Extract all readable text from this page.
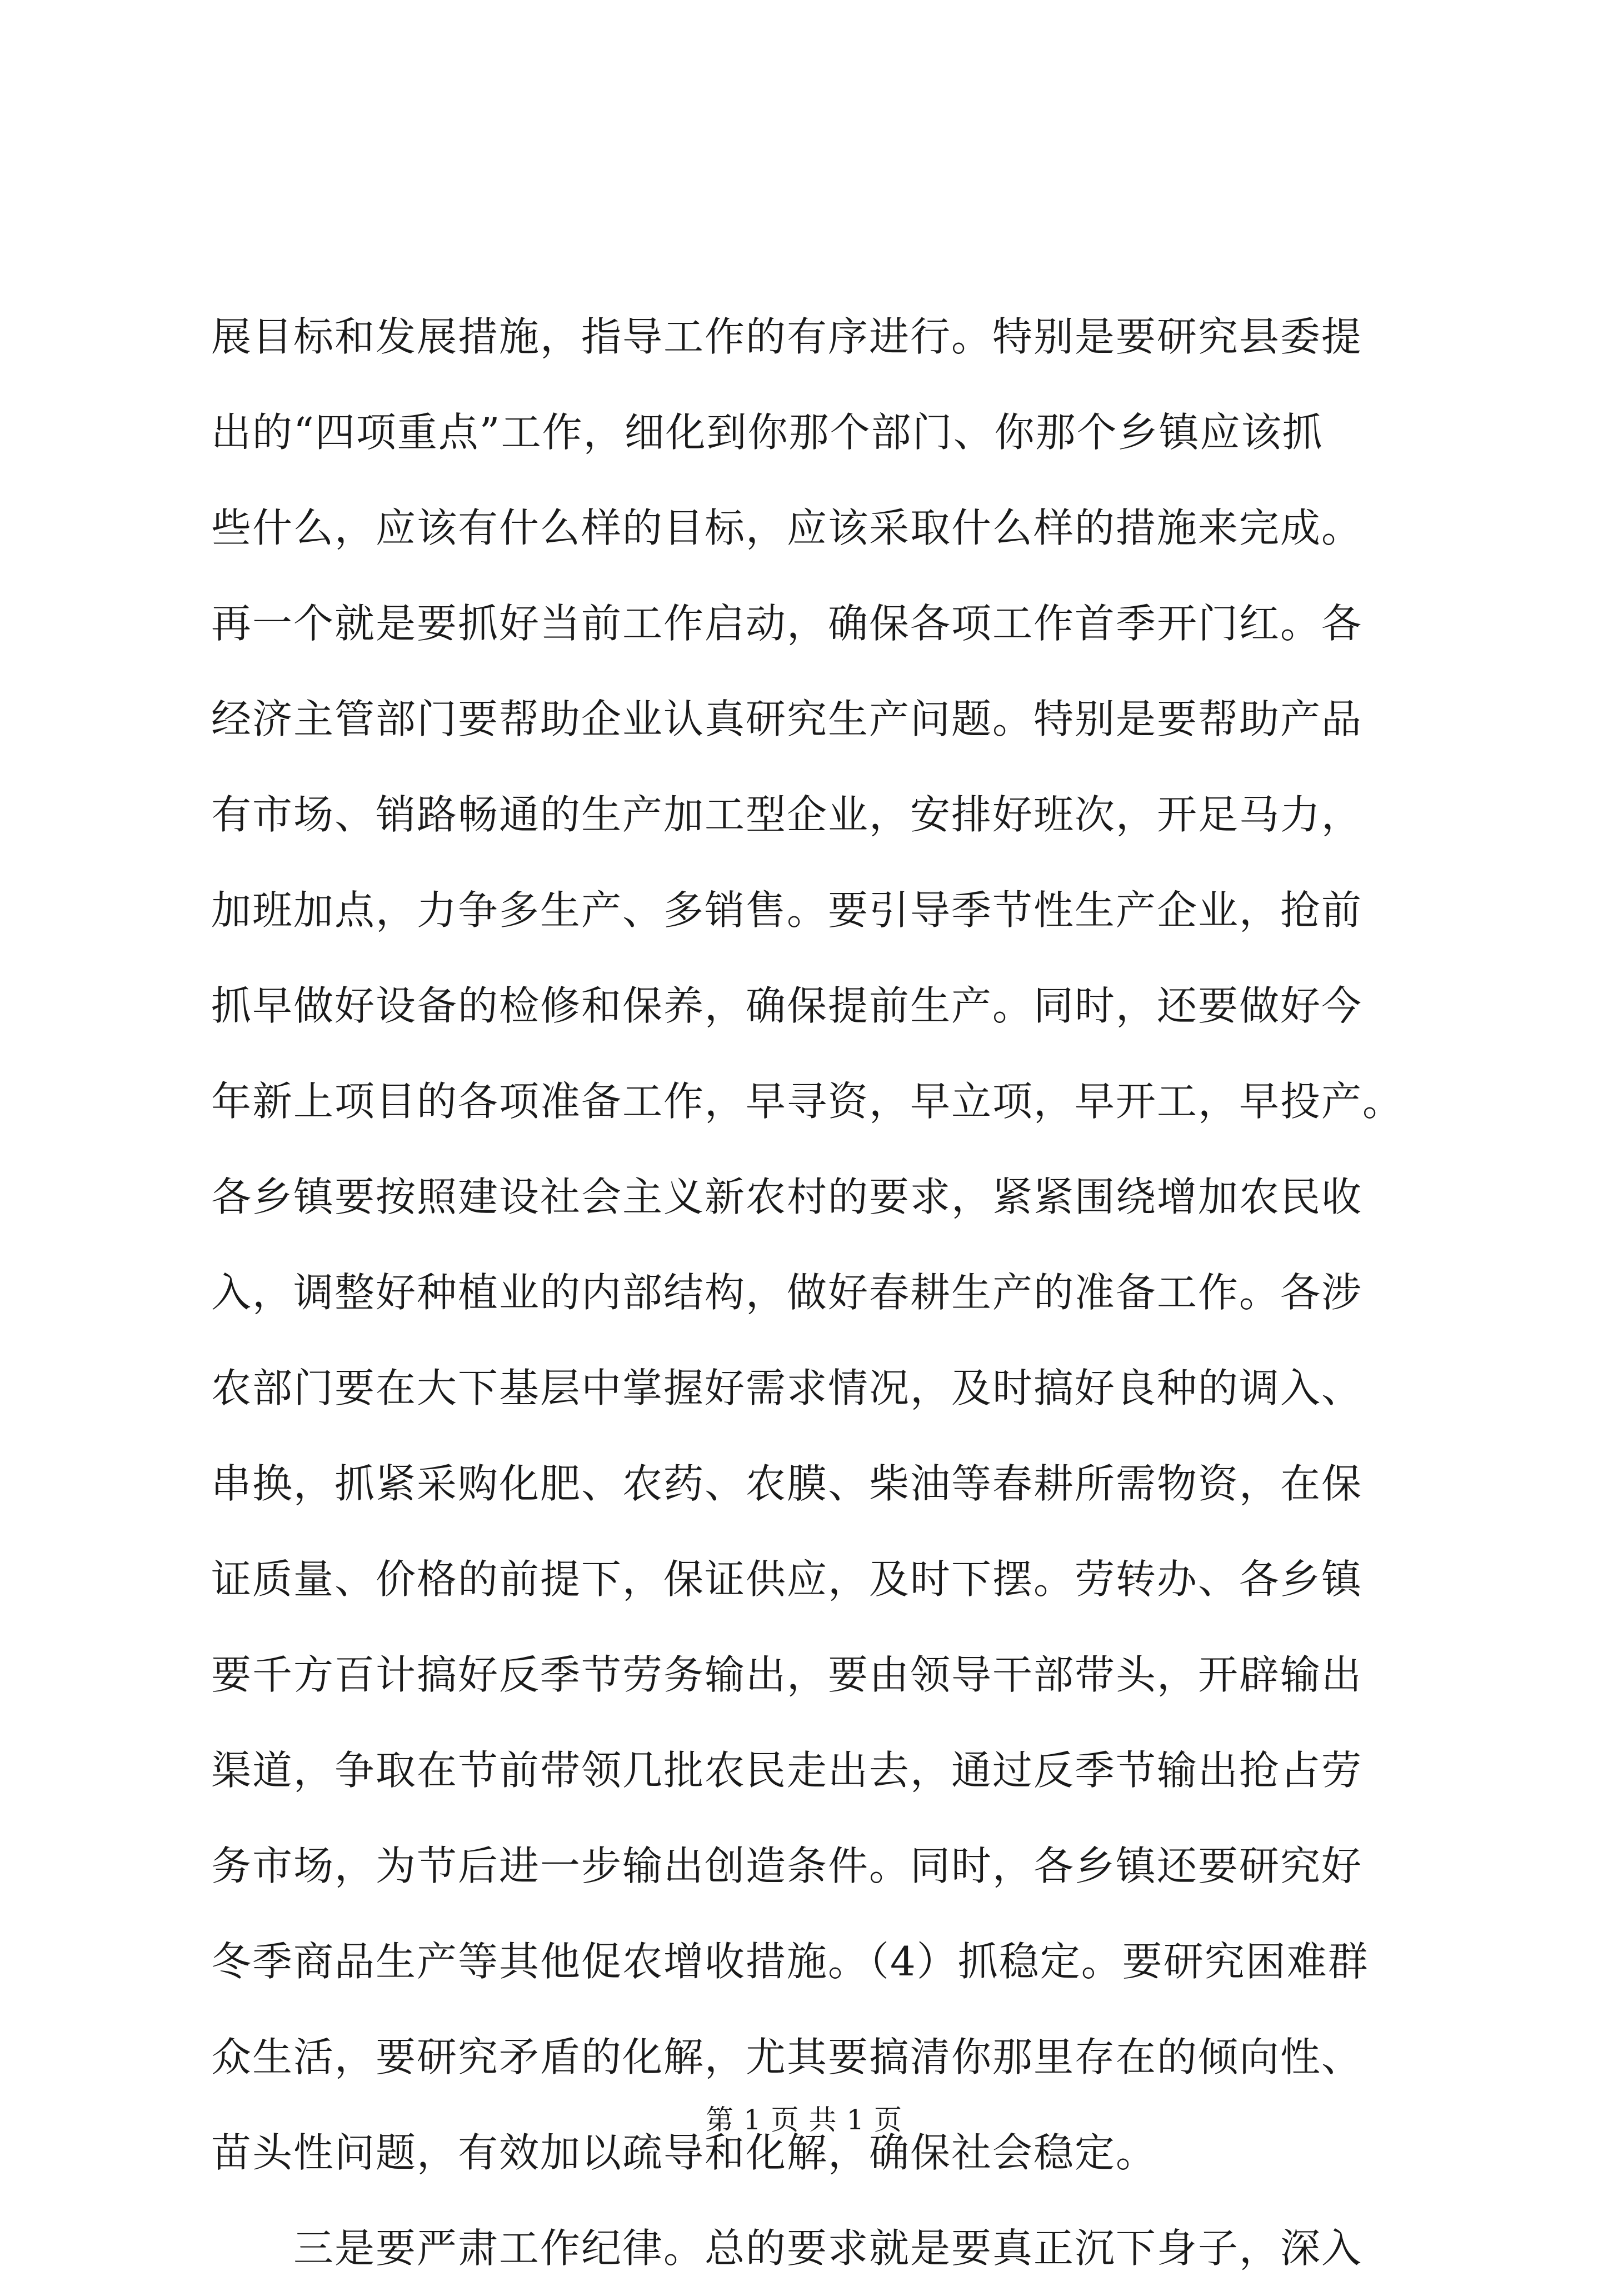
展目标和发展措施，指导工作的有序进行。特别是要研究县委提
出的“四项重点”工作，细化到你那个部门、你那个乡镇应该抓
些什么，应该有什么样的目标，应该采取什么样的措施来完成。
再一个就是要抓好当前工作启动，确保各项工作首季开门红。各
经济主管部门要帮助企业认真研究生产问题。特别是要帮助产品
有市场、销路畅通的生产加工型企业，安排好班次，开足马力，
加班加点，力争多生产、多销售。要引导季节性生产企业，抢前
抓早做好设备的检修和保养，确保提前生产。同时，还要做好今
年新上项目的各项准备工作，早寻资，早立项，早开工，早投产。
各乡镇要按照建设社会主义新农村的要求，紧紧围绕增加农民收
入，调整好种植业的内部结构，做好春耕生产的准备工作。各涉
农部门要在大下基层中掌握好需求情况，及时搞好良种的调入、
串换，抓紧采购化肥、农药、农膜、柴油等春耕所需物资，在保
证质量、价格的前提下，保证供应，及时下摆。劳转办、各乡镇
要千方百计搞好反季节劳务输出，要由领导干部带头，开辟输出
渠道，争取在节前带领几批农民走出去，通过反季节输出抢占劳
务市场，为节后进一步输出创造条件。同时，各乡镇还要研究好
冬季商品生产等其他促农增收措施。（4）抓稳定。要研究困难群
众生活，要研究矛盾的化解，尤其要搞清你那里存在的倾向性、
苗头性问题，有效加以疏导和化解，确保社会稳定。
　　三是要严肃工作纪律。总的要求就是要真正沉下身子，深入
第 1 页 共 1 页
